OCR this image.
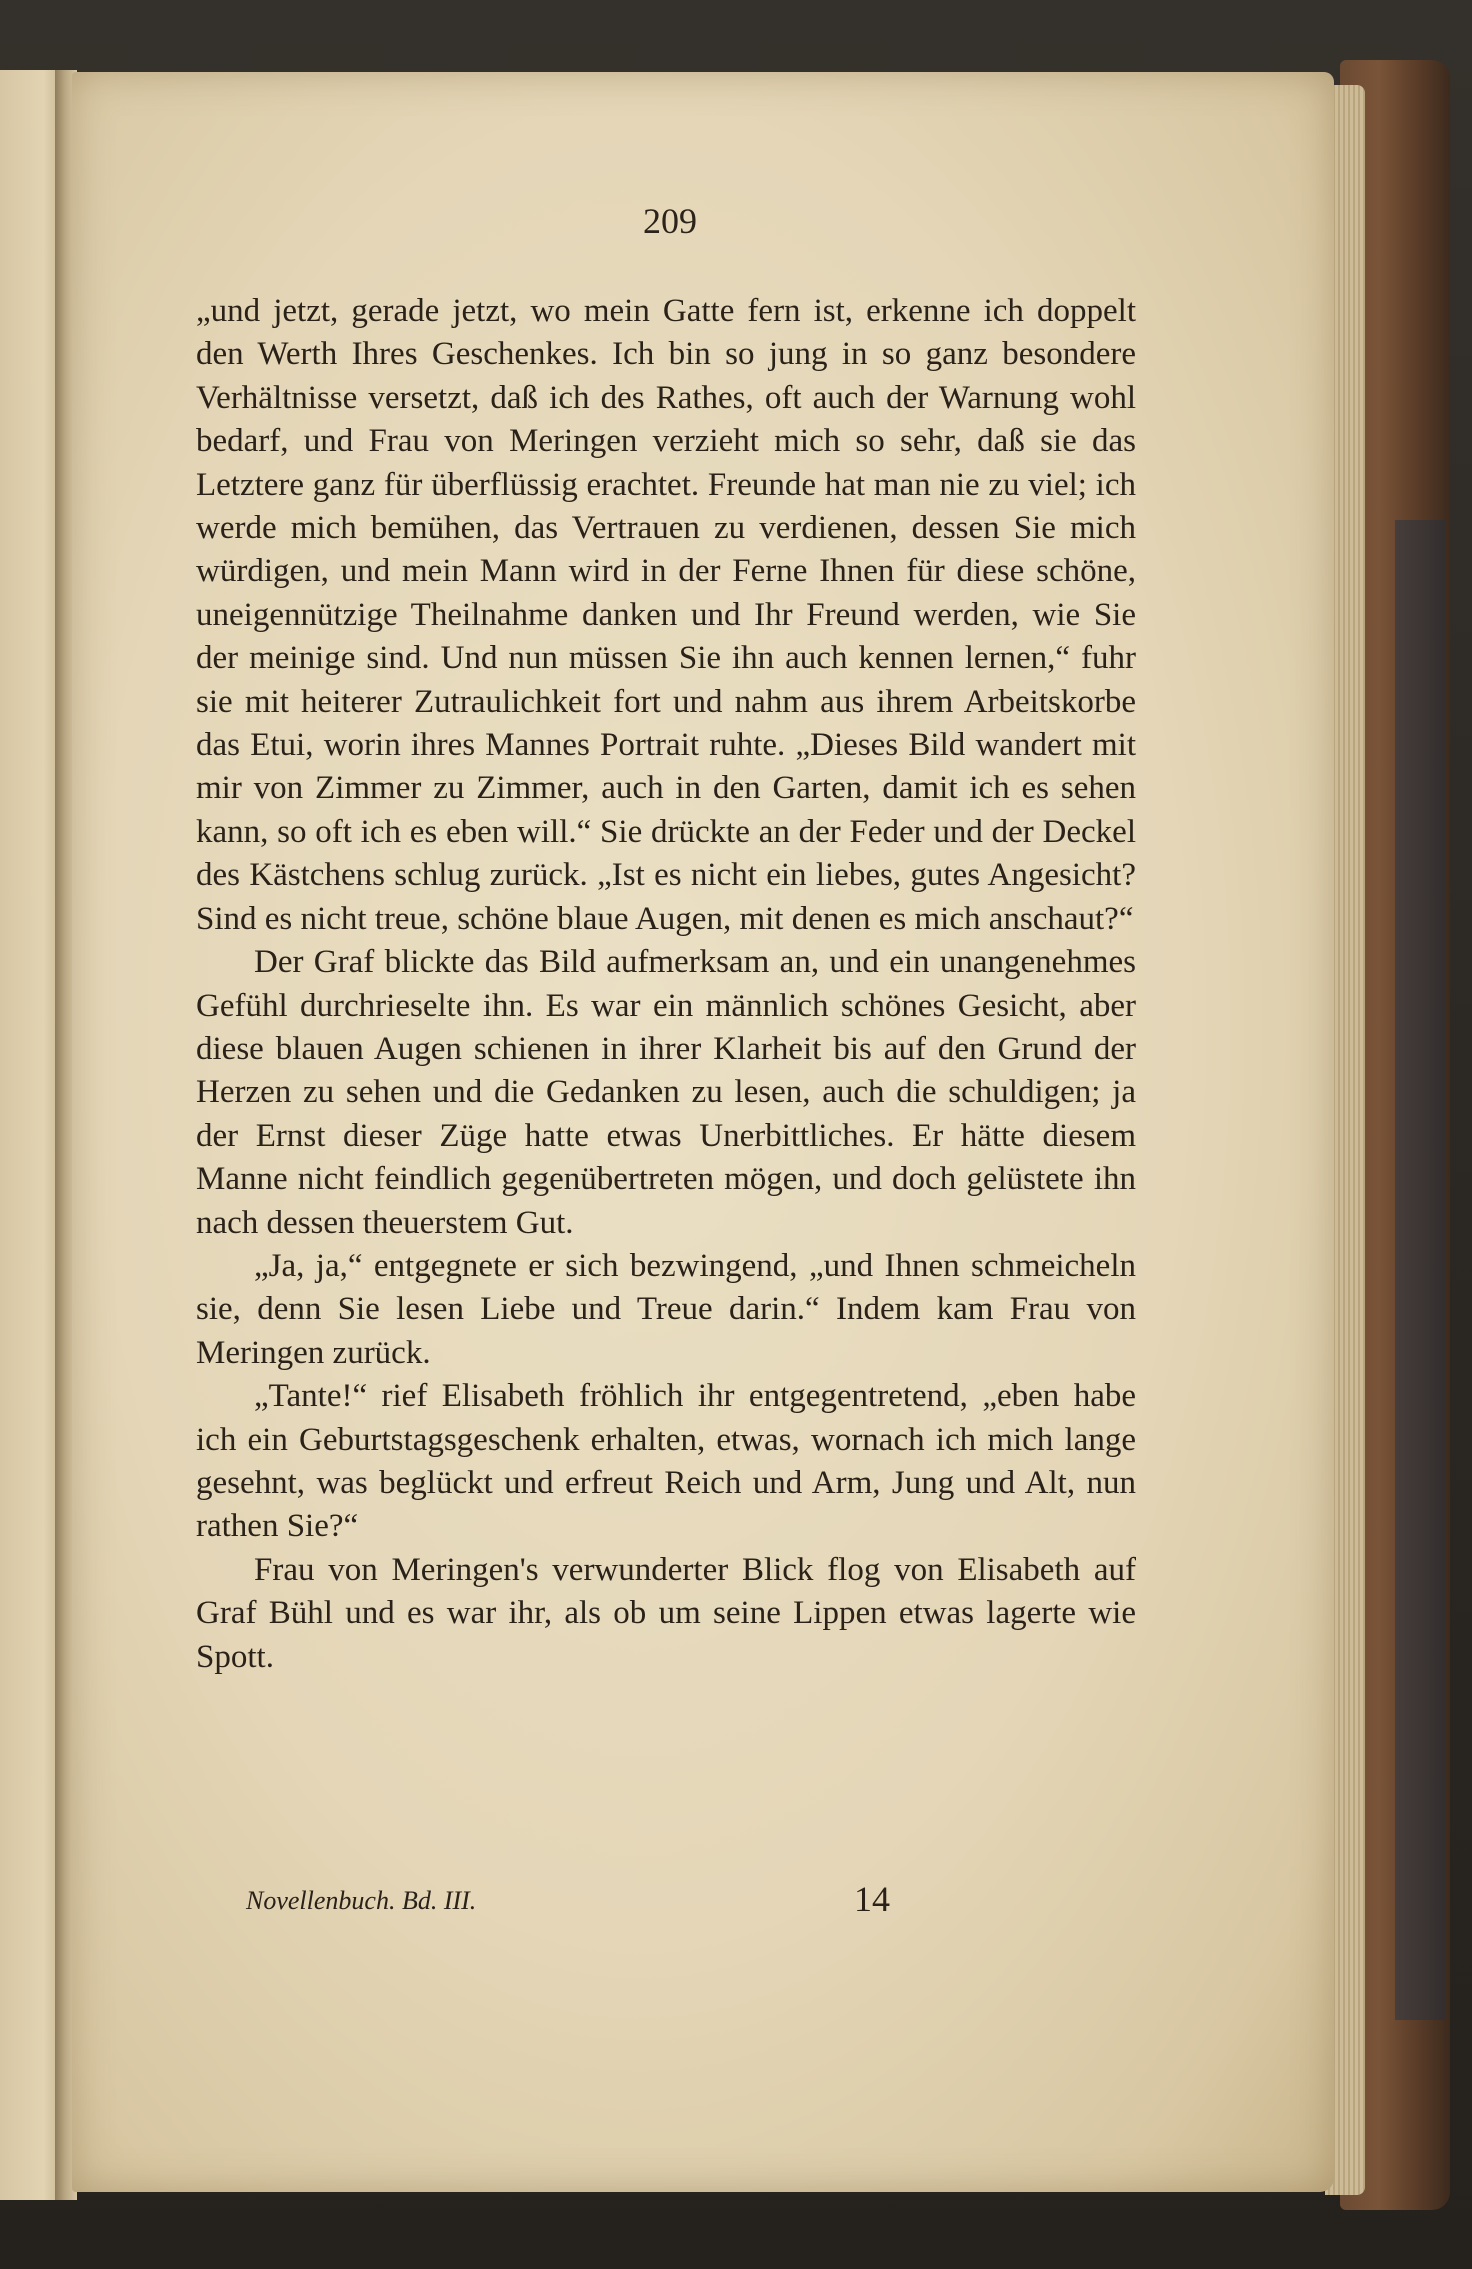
209

„und jetzt, gerade jetzt, wo mein Gatte fern ist, erkenne ich doppelt den Werth Ihres Geschenkes. Ich bin so jung in so ganz besondere Verhältnisse versetzt, daß ich des Rathes, oft auch der Warnung wohl bedarf, und Frau von Meringen verzieht mich so sehr, daß sie das Letztere ganz für überflüssig erachtet. Freunde hat man nie zu viel; ich werde mich bemühen, das Vertrauen zu verdienen, dessen Sie mich würdigen, und mein Mann wird in der Ferne Ihnen für diese schöne, uneigennützige Theilnahme danken und Ihr Freund werden, wie Sie der meinige sind. Und nun müssen Sie ihn auch kennen lernen,“ fuhr sie mit heiterer Zutraulichkeit fort und nahm aus ihrem Arbeitskorbe das Etui, worin ihres Mannes Portrait ruhte. „Dieses Bild wandert mit mir von Zimmer zu Zimmer, auch in den Garten, damit ich es sehen kann, so oft ich es eben will.“ Sie drückte an der Feder und der Deckel des Kästchens schlug zurück. „Ist es nicht ein liebes, gutes Angesicht? Sind es nicht treue, schöne blaue Augen, mit denen es mich anschaut?“

Der Graf blickte das Bild aufmerksam an, und ein unangenehmes Gefühl durchrieselte ihn. Es war ein männlich schönes Gesicht, aber diese blauen Augen schienen in ihrer Klarheit bis auf den Grund der Herzen zu sehen und die Gedanken zu lesen, auch die schuldigen; ja der Ernst dieser Züge hatte etwas Unerbittliches. Er hätte diesem Manne nicht feindlich gegenübertreten mögen, und doch gelüstete ihn nach dessen theuerstem Gut.

„Ja, ja,“ entgegnete er sich bezwingend, „und Ihnen schmeicheln sie, denn Sie lesen Liebe und Treue darin.“ Indem kam Frau von Meringen zurück.

„Tante!“ rief Elisabeth fröhlich ihr entgegentretend, „eben habe ich ein Geburtstagsgeschenk erhalten, etwas, wornach ich mich lange gesehnt, was beglückt und erfreut Reich und Arm, Jung und Alt, nun rathen Sie?“

Frau von Meringen's verwunderter Blick flog von Elisabeth auf Graf Bühl und es war ihr, als ob um seine Lippen etwas lagerte wie Spott.

Novellenbuch. Bd. III.	14
